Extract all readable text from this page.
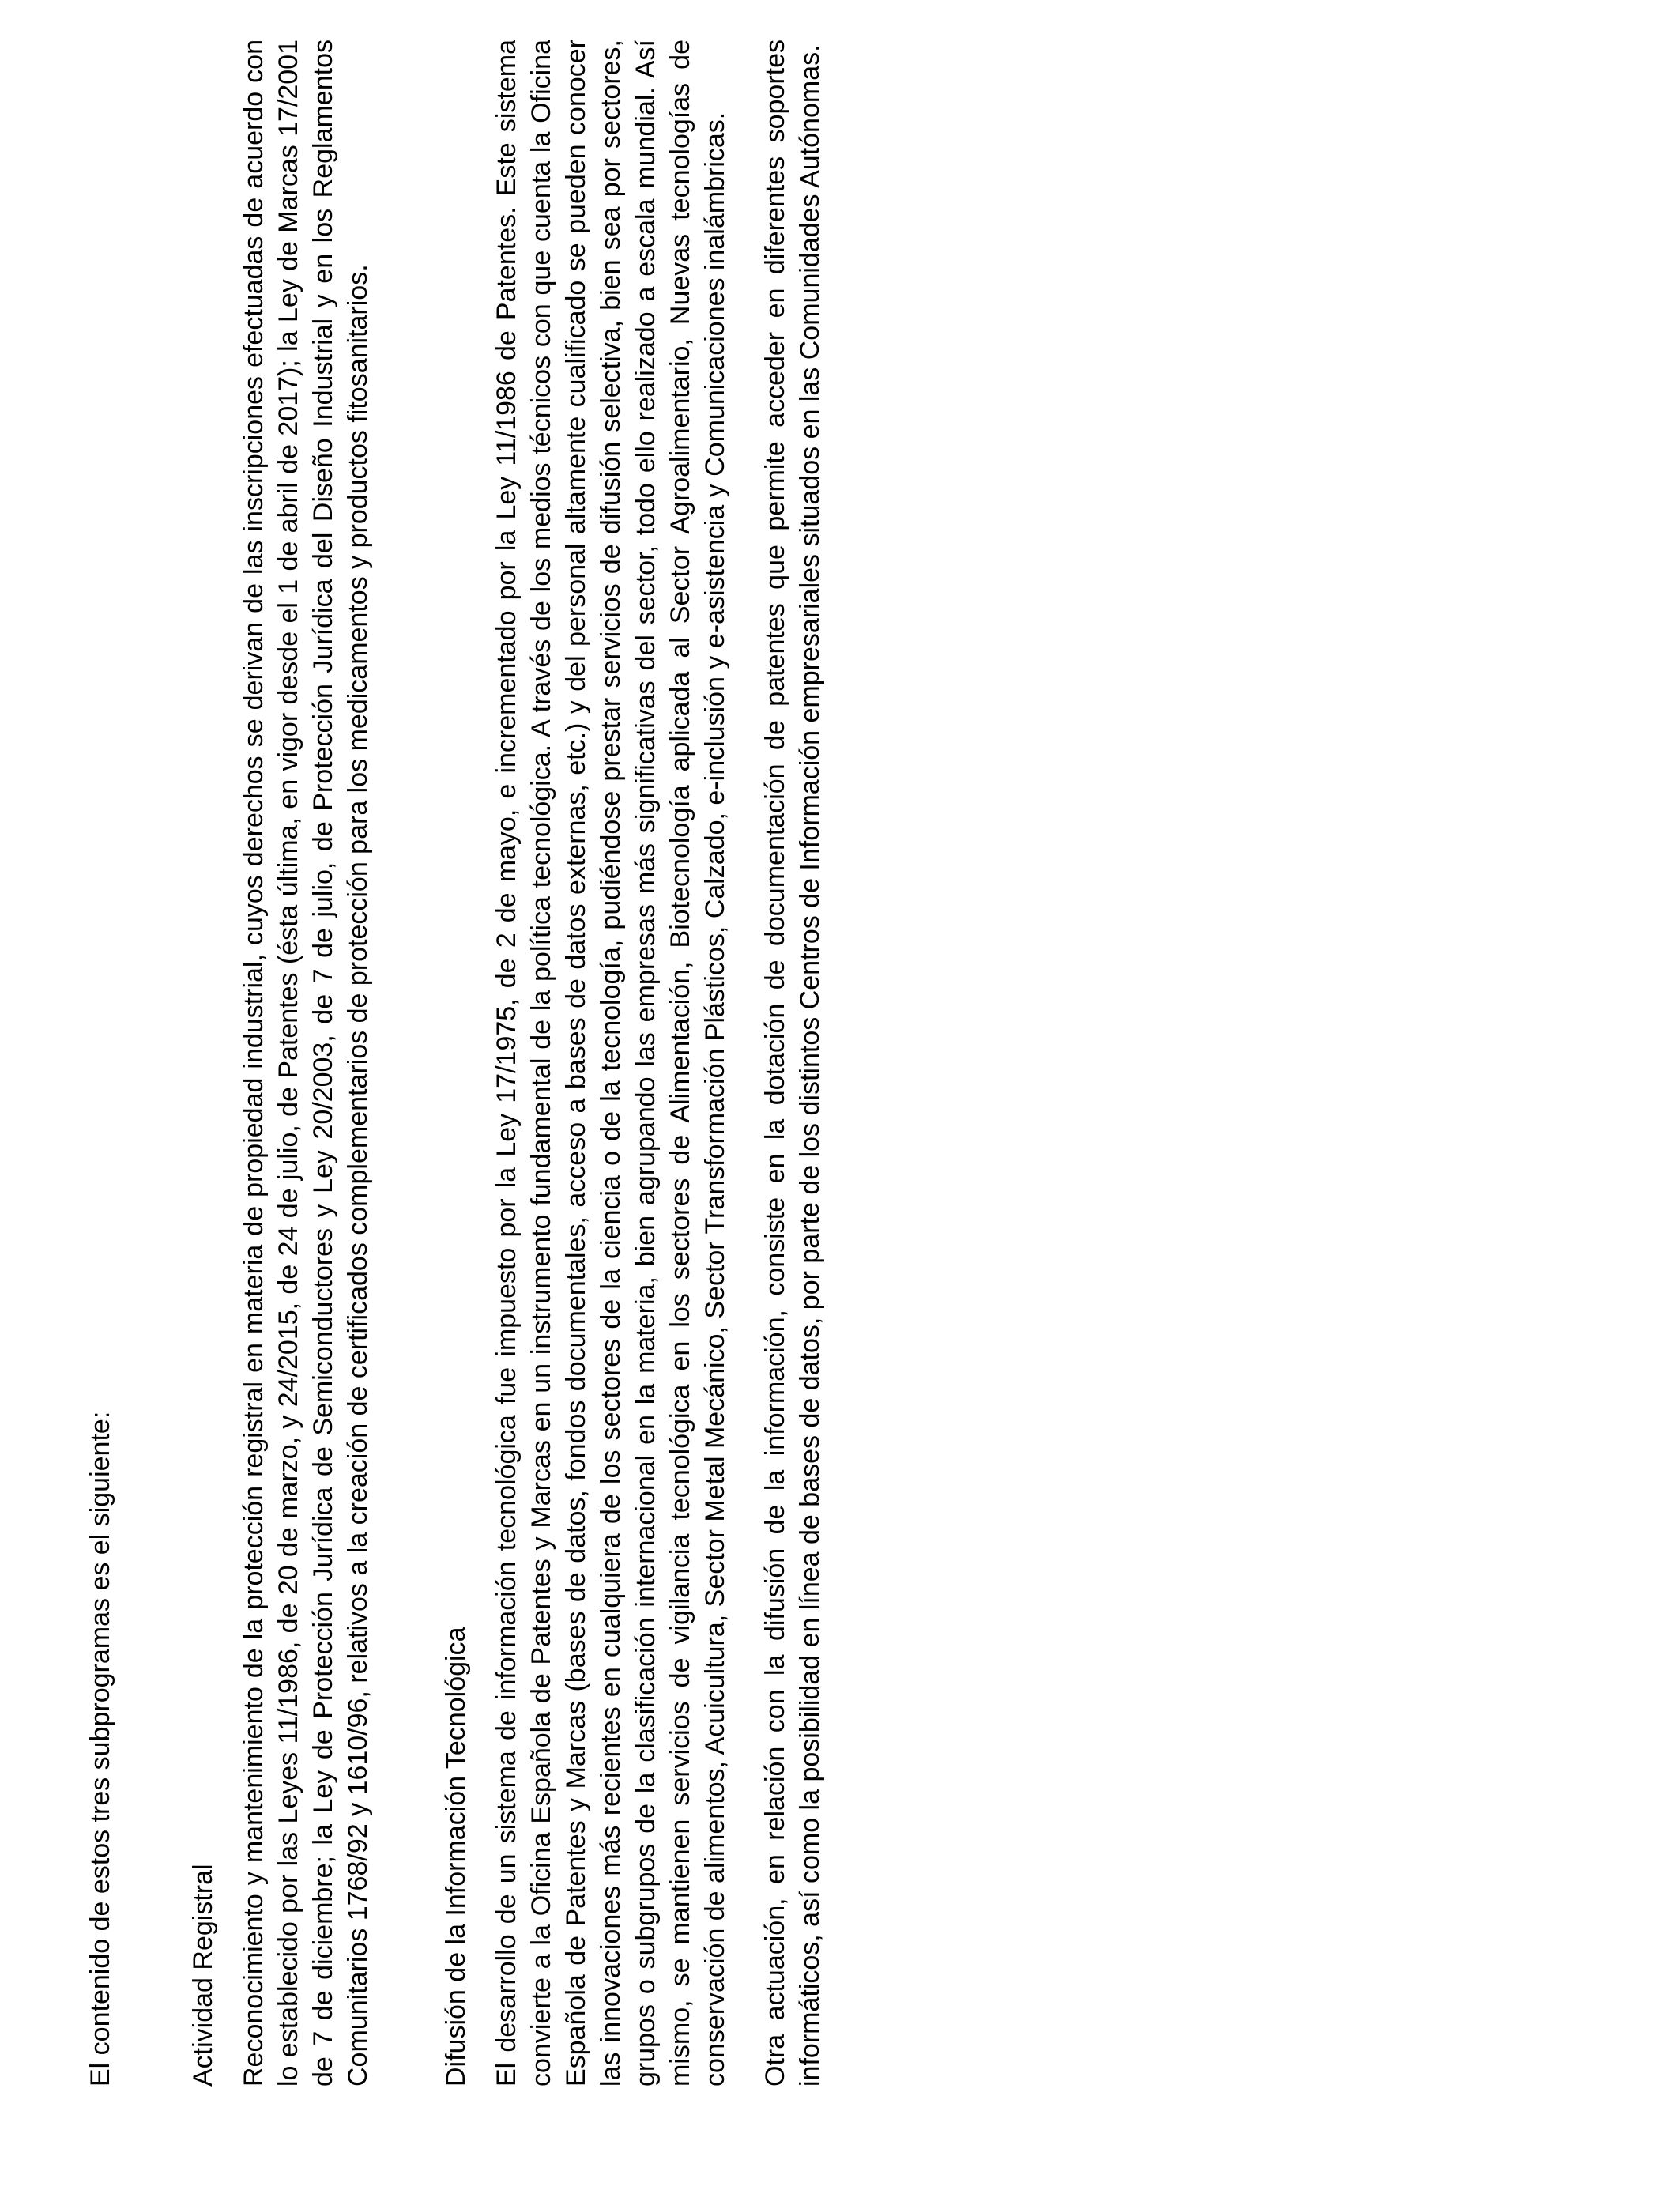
El contenido de estos tres subprogramas es el siguiente:	Actividad Registral Reconocimiento y mantenimiento de la protección registral en materia de propiedad industrial, cuyos derechos se derivan de las inscripciones efectuadas de acuerdo con lo establecido por las Leyes 11/1986, de 20 de marzo, y 24/2015, de 24 de julio, de Patentes (ésta última, en vigor desde el 1 de abril de 2017); la Ley de Marcas 17/2001 de 7 de diciembre; la Ley de Protección Jurídica de Semiconductores y Ley 20/2003, de 7 de julio, de Protección Jurídica del Diseño Industrial y en los Reglamentos Comunitarios 1768/92 y 1610/96, relativos a la creación de certificados complementarios de protección para los medicamentos y productos fitosanitarios.	Difusión de la Información Tecnológica El desarrollo de un sistema de información tecnológica fue impuesto por la Ley 17/1975, de 2 de mayo, e incrementado por la Ley 11/1986 de Patentes. Este sistema convierte a la Oficina Española de Patentes y Marcas en un instrumento fundamental de la política tecnológica. A través de los medios técnicos con que cuenta la Oficina Española de Patentes y Marcas (bases de datos, fondos documentales, acceso a bases de datos externas, etc.) y del personal altamente cualificado se pueden conocer las innovaciones más recientes en cualquiera de los sectores de la ciencia o de la tecnología, pudiéndose prestar servicios de difusión selectiva, bien sea por sectores, grupos o subgrupos de la clasificación internacional en la materia, bien agrupando las empresas más significativas del sector, todo ello realizado a escala mundial. Así mismo, se mantienen servicios de vigilancia tecnológica en los sectores de Alimentación, Biotecnología aplicada al Sector Agroalimentario, Nuevas tecnologías de conservación de alimentos, Acuicultura, Sector Metal Mecánico, Sector Transformación Plásticos, Calzado, e-inclusión y e-asistencia y Comunicaciones inalámbricas. Otra actuación, en relación con la difusión de la información, consiste en la dotación de documentación de patentes que permite acceder en diferentes soportes informáticos, así como la posibilidad en línea de bases de datos, por parte de los distintos Centros de Información empresariales situados en las Comunidades Autónomas.
